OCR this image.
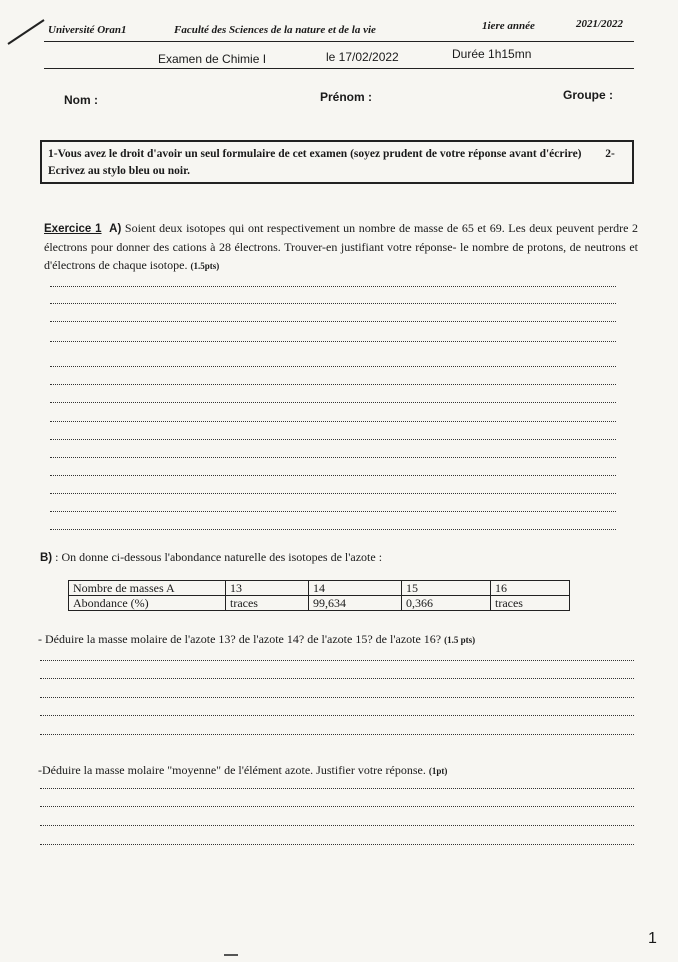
Université Oran1	Faculté des Sciences de la nature et de la vie	1iere année	2021/2022
Examen de Chimie I	le 17/02/2022	Durée 1h15mn
Nom :	Prénom :	Groupe :
1-Vous avez le droit d'avoir un seul formulaire de cet examen (soyez prudent de votre réponse avant d'écrire) 2-Ecrivez au stylo bleu ou noir.
Exercice 1 A) Soient deux isotopes qui ont respectivement un nombre de masse de 65 et 69. Les deux peuvent perdre 2 électrons pour donner des cations à 28 électrons. Trouver-en justifiant votre réponse- le nombre de protons, de neutrons et d'électrons de chaque isotope. (1.5pts)
B) : On donne ci-dessous l'abondance naturelle des isotopes de l'azote :
Nombre de masses A	13	14	15	16
Abondance (%)	traces	99,634	0,366	traces
- Déduire la masse molaire de l'azote 13? de l'azote 14? de l'azote 15? de l'azote 16? (1.5 pts)
-Déduire la masse molaire "moyenne" de l'élément azote. Justifier votre réponse. (1pt)
1
